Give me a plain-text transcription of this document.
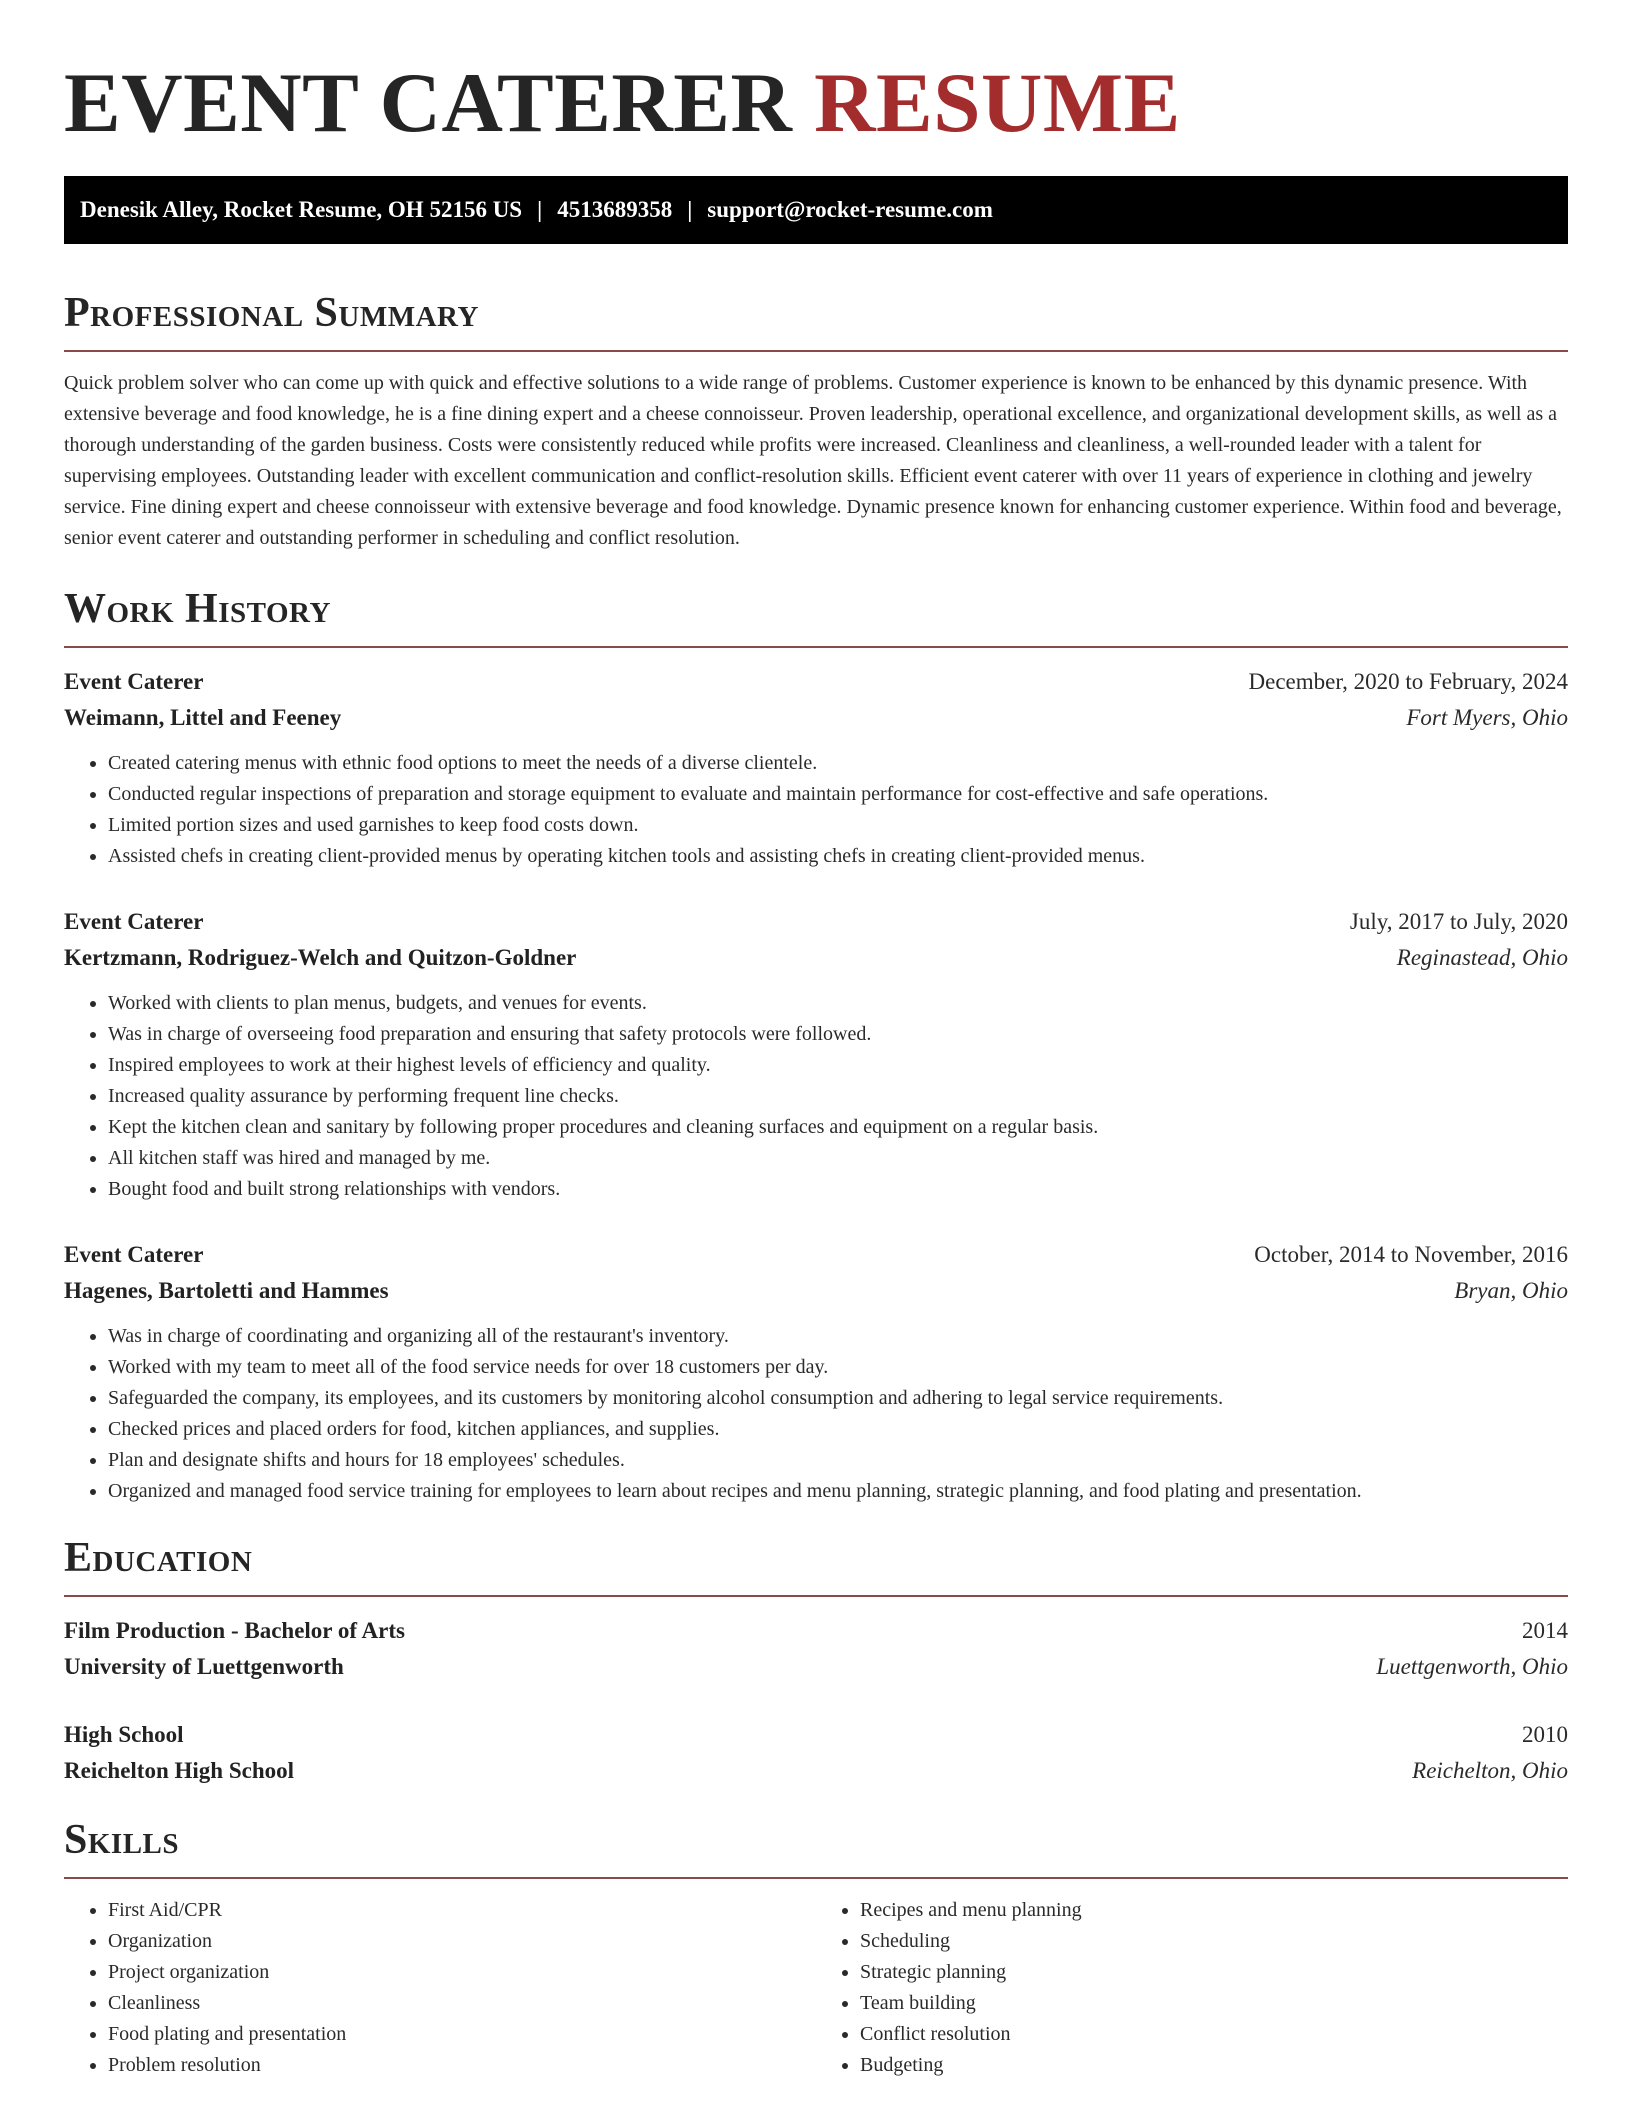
EVENT CATERER RESUME
Denesik Alley, Rocket Resume, OH 52156 US | 4513689358 | support@rocket-resume.com
Professional Summary

Quick problem solver who can come up with quick and effective solutions to a wide range of problems. Customer experience is known to be enhanced by this dynamic presence. With extensive beverage and food knowledge, he is a fine dining expert and a cheese connoisseur. Proven leadership, operational excellence, and organizational development skills, as well as a thorough understanding of the garden business. Costs were consistently reduced while profits were increased. Cleanliness and cleanliness, a well-rounded leader with a talent for supervising employees. Outstanding leader with excellent communication and conflict-resolution skills. Efficient event caterer with over 11 years of experience in clothing and jewelry service. Fine dining expert and cheese connoisseur with extensive beverage and food knowledge. Dynamic presence known for enhancing customer experience. Within food and beverage, senior event caterer and outstanding performer in scheduling and conflict resolution.

Work History
Event Caterer	December, 2020 to February, 2024
Weimann, Littel and Feeney	Fort Myers, Ohio
• Created catering menus with ethnic food options to meet the needs of a diverse clientele.
• Conducted regular inspections of preparation and storage equipment to evaluate and maintain performance for cost-effective and safe operations.
• Limited portion sizes and used garnishes to keep food costs down.
• Assisted chefs in creating client-provided menus by operating kitchen tools and assisting chefs in creating client-provided menus.
Event Caterer	July, 2017 to July, 2020
Kertzmann, Rodriguez-Welch and Quitzon-Goldner	Reginastead, Ohio
• Worked with clients to plan menus, budgets, and venues for events.
• Was in charge of overseeing food preparation and ensuring that safety protocols were followed.
• Inspired employees to work at their highest levels of efficiency and quality.
• Increased quality assurance by performing frequent line checks.
• Kept the kitchen clean and sanitary by following proper procedures and cleaning surfaces and equipment on a regular basis.
• All kitchen staff was hired and managed by me.
• Bought food and built strong relationships with vendors.
Event Caterer	October, 2014 to November, 2016
Hagenes, Bartoletti and Hammes	Bryan, Ohio
• Was in charge of coordinating and organizing all of the restaurant's inventory.
• Worked with my team to meet all of the food service needs for over 18 customers per day.
• Safeguarded the company, its employees, and its customers by monitoring alcohol consumption and adhering to legal service requirements.
• Checked prices and placed orders for food, kitchen appliances, and supplies.
• Plan and designate shifts and hours for 18 employees' schedules.
• Organized and managed food service training for employees to learn about recipes and menu planning, strategic planning, and food plating and presentation.
Education
Film Production - Bachelor of Arts	2014
University of Luettgenworth	Luettgenworth, Ohio
High School	2010
Reichelton High School	Reichelton, Ohio
Skills
• First Aid/CPR
• Organization
• Project organization
• Cleanliness
• Food plating and presentation
• Problem resolution
• Recipes and menu planning
• Scheduling
• Strategic planning
• Team building
• Conflict resolution
• Budgeting
